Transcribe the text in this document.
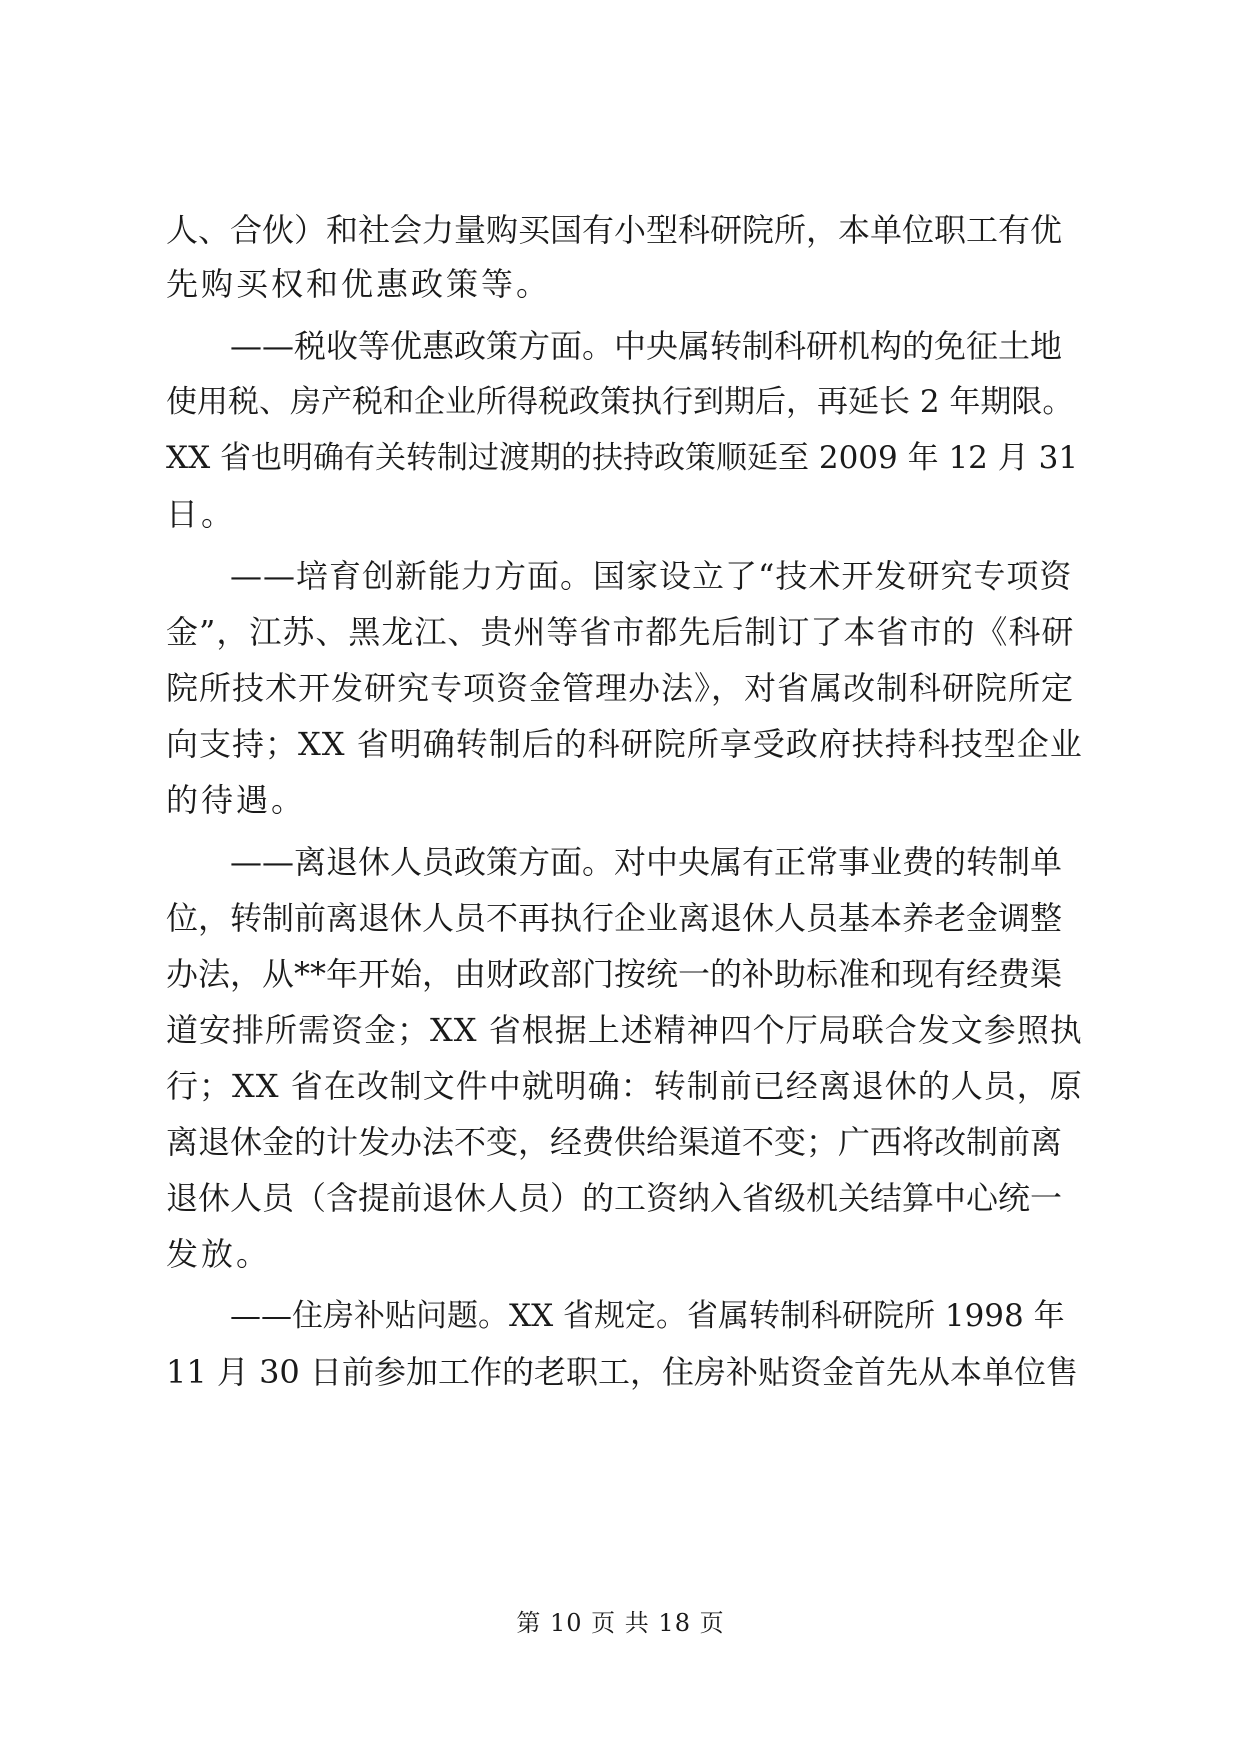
人、合伙）和社会力量购买国有小型科研院所，本单位职工有优
先购买权和优惠政策等。
——税收等优惠政策方面。中央属转制科研机构的免征土地
使用税、房产税和企业所得税政策执行到期后，再延长 2 年期限。
XX 省也明确有关转制过渡期的扶持政策顺延至 2009 年 12 月 31
日。
——培育创新能力方面。国家设立了“技术开发研究专项资
金”，江苏、黑龙江、贵州等省市都先后制订了本省市的《科研
院所技术开发研究专项资金管理办法》，对省属改制科研院所定
向支持；XX 省明确转制后的科研院所享受政府扶持科技型企业
的待遇。
——离退休人员政策方面。对中央属有正常事业费的转制单
位，转制前离退休人员不再执行企业离退休人员基本养老金调整
办法，从**年开始，由财政部门按统一的补助标准和现有经费渠
道安排所需资金；XX 省根据上述精神四个厅局联合发文参照执
行；XX 省在改制文件中就明确：转制前已经离退休的人员，原
离退休金的计发办法不变，经费供给渠道不变；广西将改制前离
退休人员（含提前退休人员）的工资纳入省级机关结算中心统一
发放。
——住房补贴问题。XX 省规定。省属转制科研院所 1998 年
11 月 30 日前参加工作的老职工，住房补贴资金首先从本单位售
第 10 页 共 18 页
